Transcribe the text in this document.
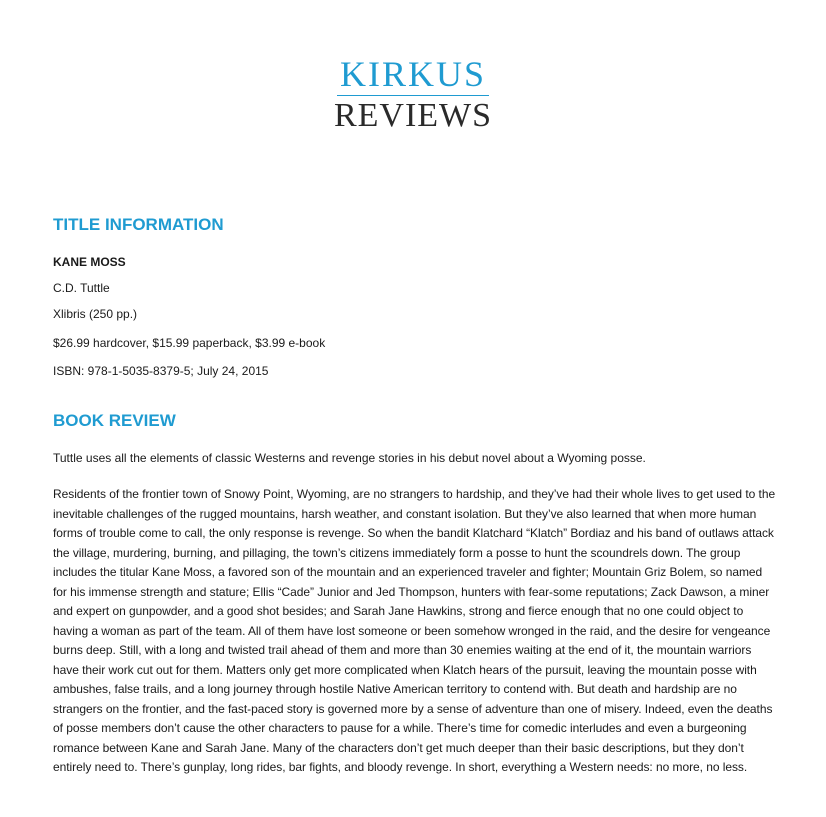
KIRKUS
REVIEWS
TITLE INFORMATION

KANE MOSS

C.D. Tuttle

Xlibris (250 pp.)

$26.99 hardcover, $15.99 paperback, $3.99 e-book

ISBN: 978-1-5035-8379-5; July 24, 2015

BOOK REVIEW

Tuttle uses all the elements of classic Westerns and revenge stories in his debut novel about a Wyoming posse.

Residents of the frontier town of Snowy Point, Wyoming, are no strangers to hardship, and they’ve had their whole lives to get used to the inevitable challenges of the rugged mountains, harsh weather, and constant isolation. But they’ve also learned that when more human forms of trouble come to call, the only response is revenge. So when the bandit Klatchard “Klatch” Bordiaz and his band of outlaws attack the village, murdering, burning, and pillaging, the town’s citizens immediately form a posse to hunt the scoundrels down. The group includes the titular Kane Moss, a favored son of the mountain and an experienced traveler and fighter; Mountain Griz Bolem, so named for his immense strength and stature; Ellis “Cade” Junior and Jed Thompson, hunters with fear-some reputations; Zack Dawson, a miner and expert on gunpowder, and a good shot besides; and Sarah Jane Hawkins, strong and fierce enough that no one could object to having a woman as part of the team. All of them have lost someone or been somehow wronged in the raid, and the desire for vengeance burns deep. Still, with a long and twisted trail ahead of them and more than 30 enemies waiting at the end of it, the mountain warriors have their work cut out for them. Matters only get more complicated when Klatch hears of the pursuit, leaving the mountain posse with ambushes, false trails, and a long journey through hostile Native American territory to contend with. But death and hardship are no strangers on the frontier, and the fast-paced story is governed more by a sense of adventure than one of misery. Indeed, even the deaths of posse members don’t cause the other characters to pause for a while. There’s time for comedic interludes and even a burgeoning romance between Kane and Sarah Jane. Many of the characters don’t get much deeper than their basic descriptions, but they don’t entirely need to. There’s gunplay, long rides, bar fights, and bloody revenge. In short, everything a Western needs: no more, no less.
